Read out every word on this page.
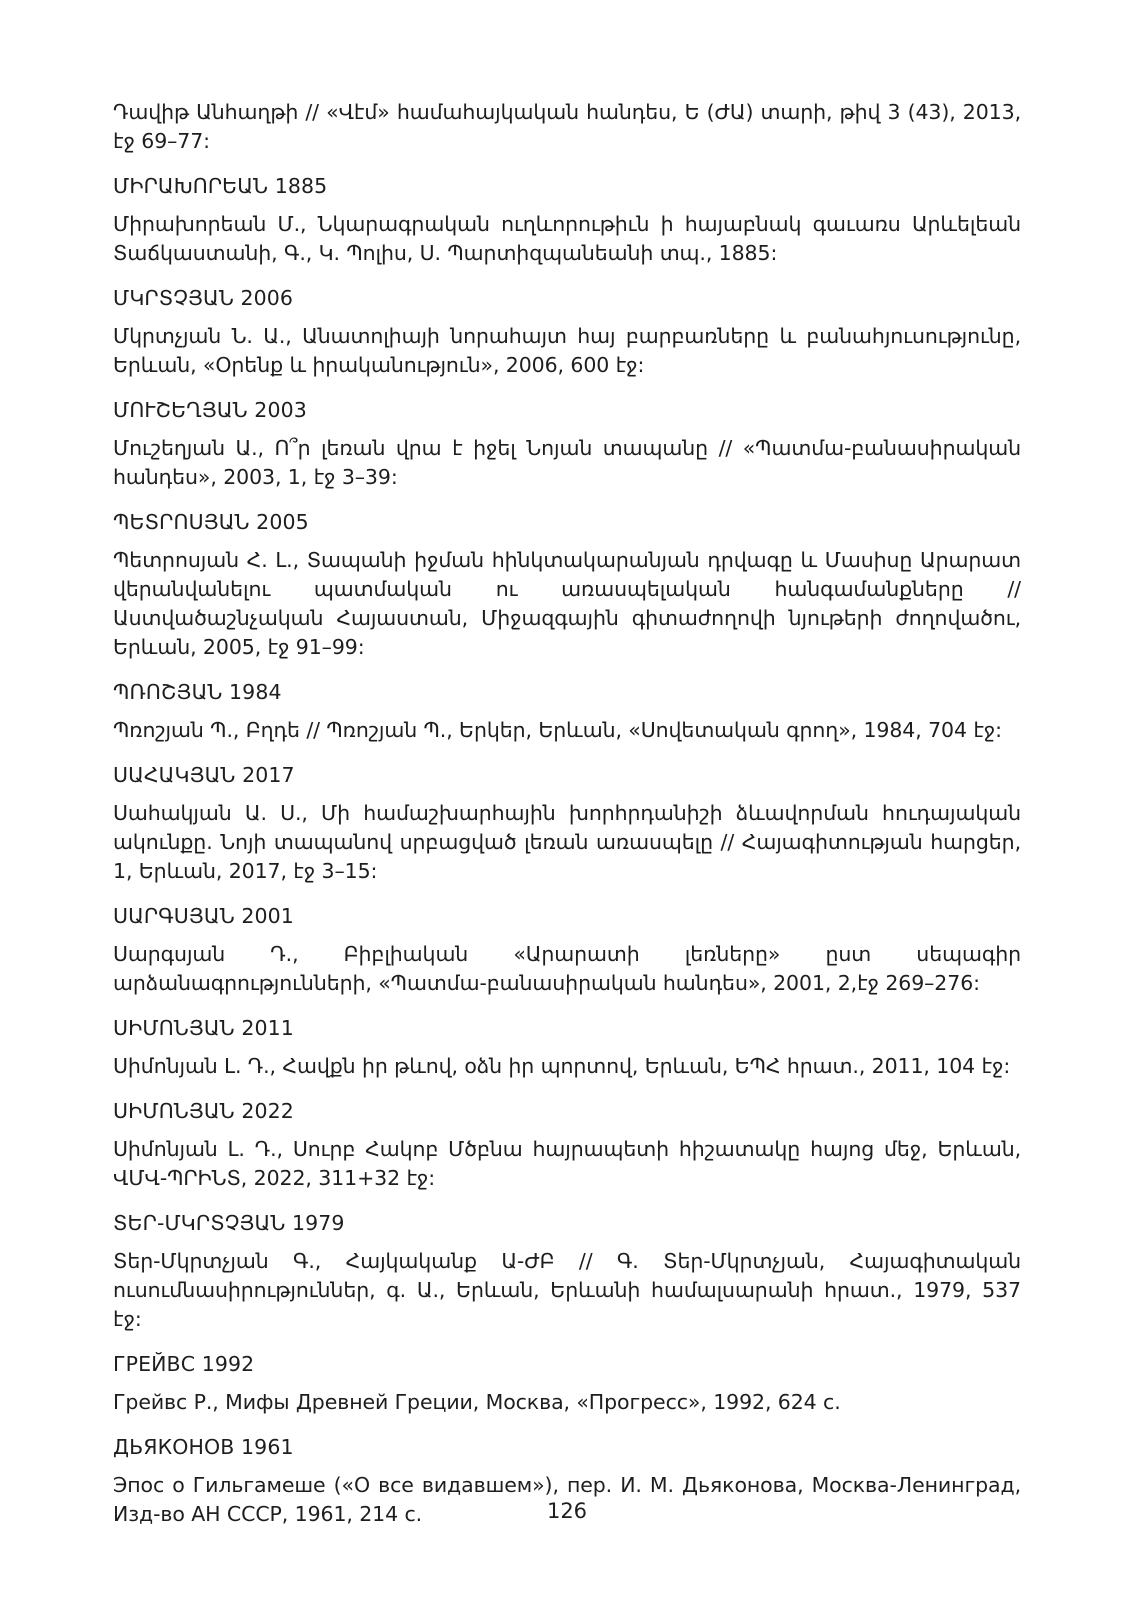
Դավիթ Անհաղթի // «Վէմ» համահայկական հանդես, Ե (ԺԱ) տարի, թիվ 3 (43), 2013, էջ 69–77:

ՄԻՐԱԽՈՐԵԱՆ 1885

Միրախորեան Մ., Նկարագրական ուղևորութիւն ի հայաբնակ գաւառս Արևելեան Տաճկաստանի, Գ., Կ. Պոլիս, Ս. Պարտիզպանեանի տպ., 1885:

ՄԿՐՏՉՅԱՆ 2006

Մկրտչյան Ն. Ա., Անատոլիայի նորահայտ հայ բարբառները և բանահյուսությունը, Երևան, «Օրենք և իրականություն», 2006, 600 էջ:

ՄՈՒՇԵՂՅԱՆ 2003

Մուշեղյան Ա., Ո՞ր լեռան վրա է իջել Նոյան տապանը // «Պատմա-բանասիրական հանդես», 2003, 1, էջ 3–39:

ՊԵՏՐՈՍՅԱՆ 2005

Պետրոսյան Հ. Լ., Տապանի իջման հինկտակարանյան դրվագը և Մասիսը Արարատ վերանվանելու պատմական ու առասպելական հանգամանքները // Աստվածաշնչական Հայաստան, Միջազգային գիտաժողովի նյութերի ժողովածու, Երևան, 2005, էջ 91–99:

ՊՌՈՇՅԱՆ 1984

Պռոշյան Պ., Բղդե // Պռոշյան Պ., Երկեր, Երևան, «Սովետական գրող», 1984, 704 էջ:

ՍԱՀԱԿՅԱՆ 2017

Սահակյան Ա. Ս., Մի համաշխարհային խորհրդանիշի ձևավորման հուդայական ակունքը. Նոյի տապանով սրբացված լեռան առասպելը // Հայագիտության հարցեր, 1, Երևան, 2017, էջ 3–15:

ՍԱՐԳՍՅԱՆ 2001

Սարգսյան Դ., Բիբլիական «Արարատի լեռները» ըստ սեպագիր արձանագրությունների, «Պատմա-բանասիրական հանդես», 2001, 2,էջ 269–276:

ՍԻՄՈՆՅԱՆ 2011

Սիմոնյան Լ. Դ., Հավքն իր թևով, օձն իր պորտով, Երևան, ԵՊՀ հրատ., 2011, 104 էջ:

ՍԻՄՈՆՅԱՆ 2022

Սիմոնյան Լ. Դ., Սուրբ Հակոբ Մծբնա հայրապետի հիշատակը հայոց մեջ, Երևան, ՎՄՎ-ՊՐԻՆՏ, 2022, 311+32 էջ:

ՏԵՐ-ՄԿՐՏՉՅԱՆ 1979

Տեր-Մկրտչյան Գ., Հայկականք Ա-ԺԲ // Գ. Տեր-Մկրտչյան, Հայագիտական ուսումնասիրություններ, գ. Ա., Երևան, Երևանի համալսարանի հրատ., 1979, 537 էջ:

ГРЕЙВС 1992

Грейвс Р., Мифы Древней Греции, Москва, «Прогресс», 1992, 624 с.

ДЬЯКОНОВ 1961

Эпос о Гильгамеше («О все видавшем»), пер. И. М. Дьяконова, Москва-Ленинград, Изд-во АН СССР, 1961, 214 с.	126
